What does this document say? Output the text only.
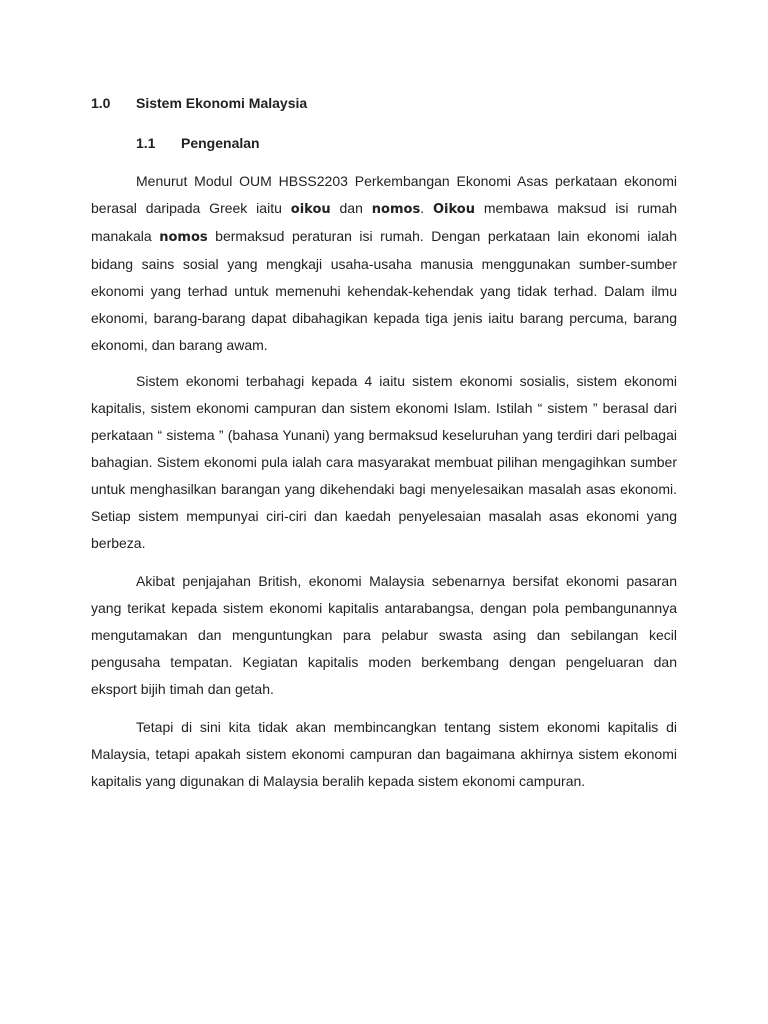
1.0 Sistem Ekonomi Malaysia
1.1 Pengenalan

Menurut Modul OUM HBSS2203 Perkembangan Ekonomi Asas perkataan ekonomi berasal daripada Greek iaitu oikou dan nomos. Oikou membawa maksud isi rumah manakala nomos bermaksud peraturan isi rumah. Dengan perkataan lain ekonomi ialah bidang sains sosial yang mengkaji usaha-usaha manusia menggunakan sumber-sumber ekonomi yang terhad untuk memenuhi kehendak-kehendak yang tidak terhad. Dalam ilmu ekonomi, barang-barang dapat dibahagikan kepada tiga jenis iaitu barang percuma, barang ekonomi, dan barang awam.

Sistem ekonomi terbahagi kepada 4 iaitu sistem ekonomi sosialis, sistem ekonomi kapitalis, sistem ekonomi campuran dan sistem ekonomi Islam. Istilah “ sistem ” berasal dari perkataan “ sistema ” (bahasa Yunani) yang bermaksud keseluruhan yang terdiri dari pelbagai bahagian. Sistem ekonomi pula ialah cara masyarakat membuat pilihan mengagihkan sumber untuk menghasilkan barangan yang dikehendaki bagi menyelesaikan masalah asas ekonomi. Setiap sistem mempunyai ciri-ciri dan kaedah penyelesaian masalah asas ekonomi yang berbeza.

Akibat penjajahan British, ekonomi Malaysia sebenarnya bersifat ekonomi pasaran yang terikat kepada sistem ekonomi kapitalis antarabangsa, dengan pola pembangunannya mengutamakan dan menguntungkan para pelabur swasta asing dan sebilangan kecil pengusaha tempatan. Kegiatan kapitalis moden berkembang dengan pengeluaran dan eksport bijih timah dan getah.

Tetapi di sini kita tidak akan membincangkan tentang sistem ekonomi kapitalis di Malaysia, tetapi apakah sistem ekonomi campuran dan bagaimana akhirnya sistem ekonomi kapitalis yang digunakan di Malaysia beralih kepada sistem ekonomi campuran.
